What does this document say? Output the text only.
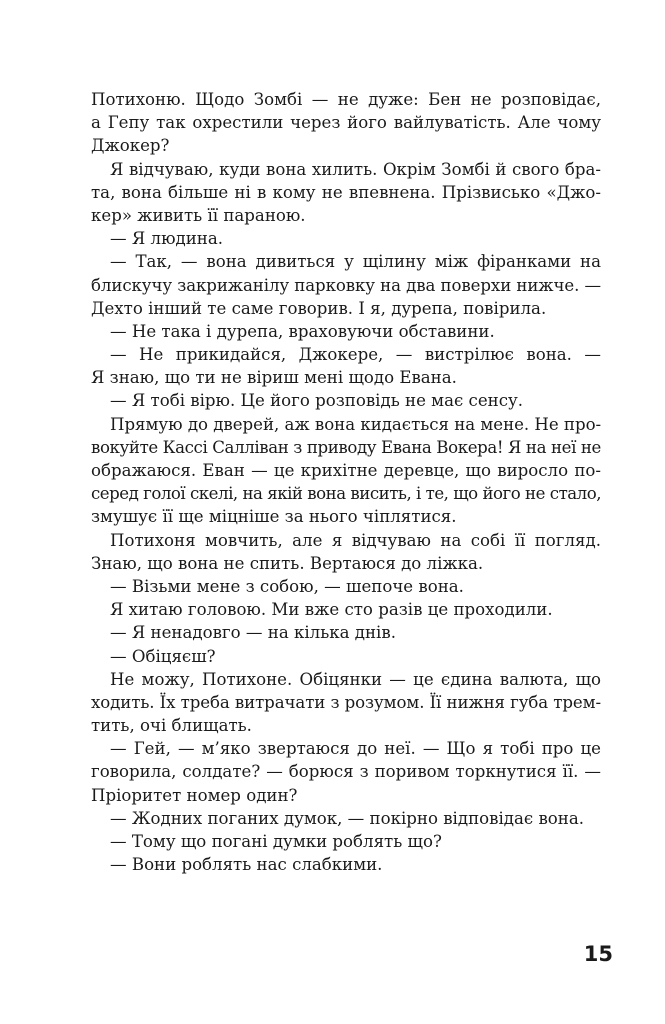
Потихоню. Щодо Зомбі — не дуже: Бен не розповідає,
а Гепу так охрестили через його вайлуватість. Але чому
Джокер?
Я відчуваю, куди вона хилить. Окрім Зомбі й свого бра-
та, вона більше ні в кому не впевнена. Прізвисько «Джо-
кер» живить її параною.
— Я людина.
— Так, — вона дивиться у щілину між фіранками на
блискучу закрижанілу парковку на два поверхи нижче. —
Дехто інший те саме говорив. І я, дурепа, повірила.
— Не така і дурепа, враховуючи обставини.
— Не прикидайся, Джокере, — вистрілює вона. —
Я знаю, що ти не віриш мені щодо Евана.
— Я тобі вірю. Це його розповідь не має сенсу.
Прямую до дверей, аж вона кидається на мене. Не про-
вокуйте Кассі Салліван з приводу Евана Вокера! Я на неї не
ображаюся. Еван — це крихітне деревце, що виросло по-
серед голої скелі, на якій вона висить, і те, що його не стало,
змушує її ще міцніше за нього чіплятися.
Потихоня мовчить, але я відчуваю на собі її погляд.
Знаю, що вона не спить. Вертаюся до ліжка.
— Візьми мене з собою, — шепоче вона.
Я хитаю головою. Ми вже сто разів це проходили.
— Я ненадовго — на кілька днів.
— Обіцяєш?
Не можу, Потихоне. Обіцянки — це єдина валюта, що
ходить. Їх треба витрачати з розумом. Її нижня губа трем-
тить, очі блищать.
— Гей, — м’яко звертаюся до неї. — Що я тобі про це
говорила, солдате? — борюся з поривом торкнутися її. —
Пріоритет номер один?
— Жодних поганих думок, — покірно відповідає вона.
— Тому що погані думки роблять що?
— Вони роблять нас слабкими.
15
